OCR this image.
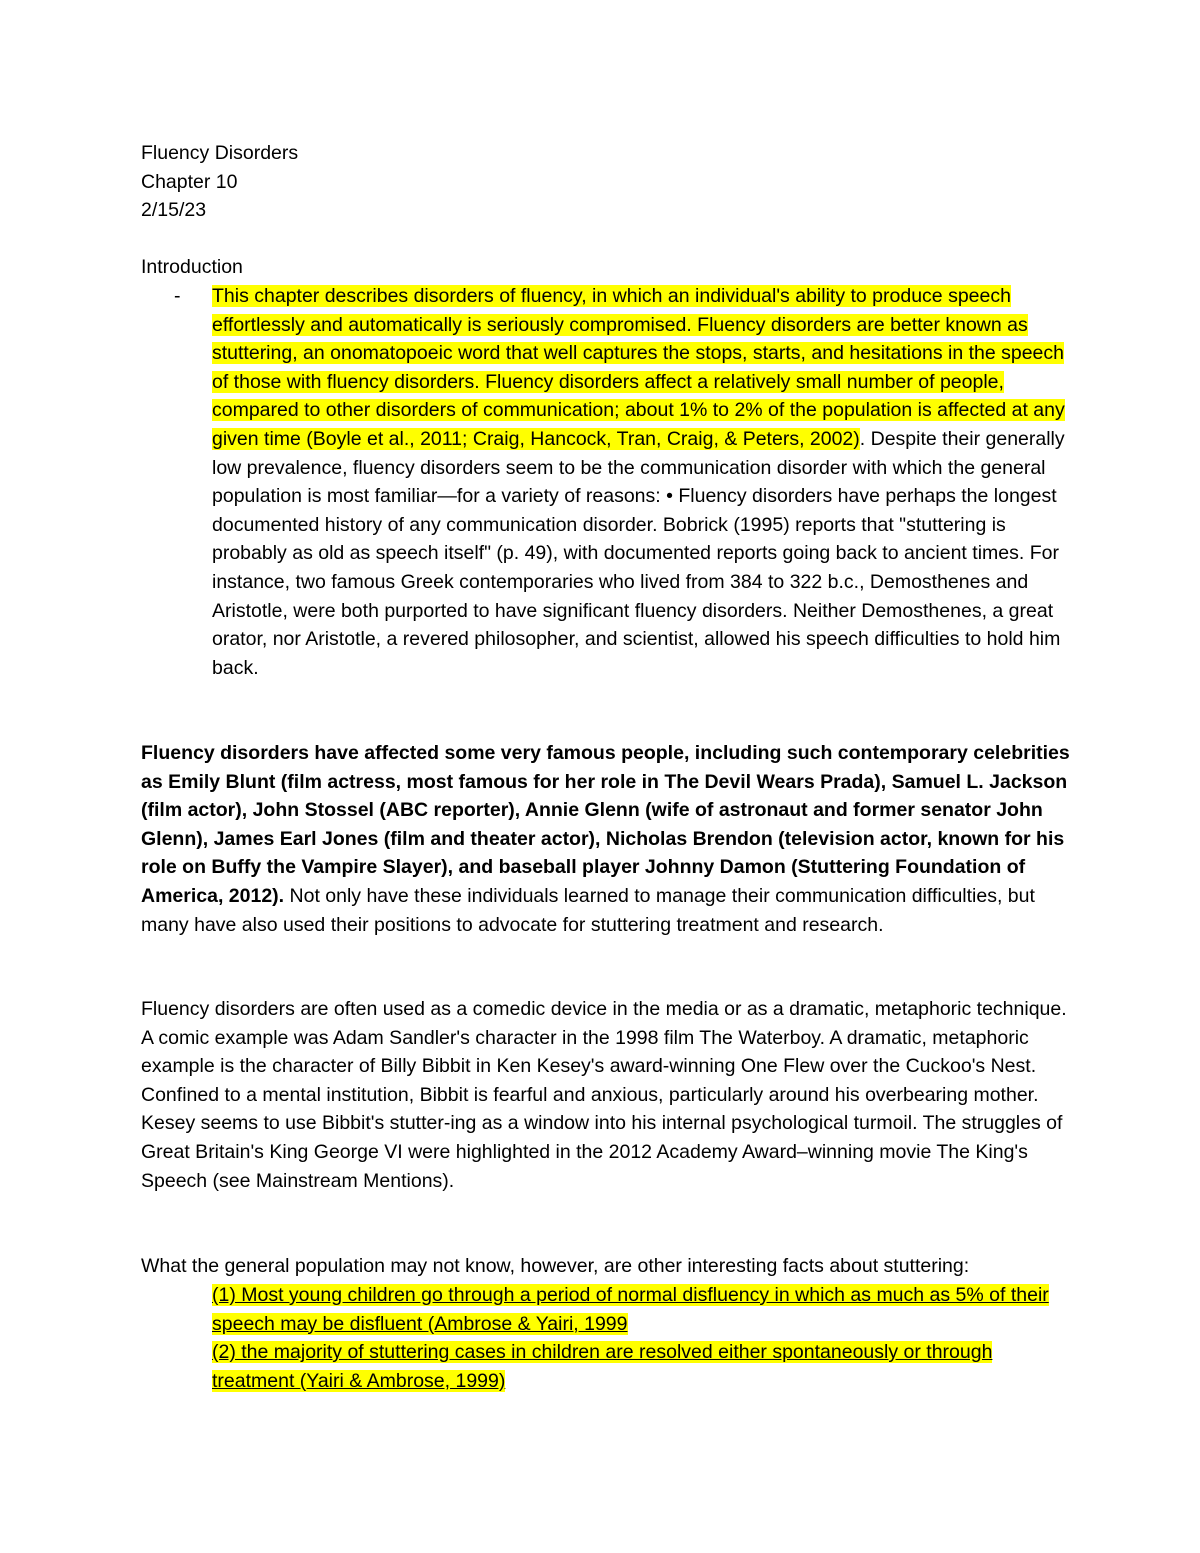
Fluency Disorders
Chapter 10
2/15/23

Introduction
- This chapter describes disorders of fluency, in which an individual's ability to produce speech effortlessly and automatically is seriously compromised. Fluency disorders are better known as stuttering, an onomatopoeic word that well captures the stops, starts, and hesitations in the speech of those with fluency disorders. Fluency disorders affect a relatively small number of people, compared to other disorders of communication; about 1% to 2% of the population is affected at any given time (Boyle et al., 2011; Craig, Hancock, Tran, Craig, & Peters, 2002). Despite their generally low prevalence, fluency disorders seem to be the communication disorder with which the general population is most familiar—for a variety of reasons: • Fluency disorders have perhaps the longest documented history of any communication disorder. Bobrick (1995) reports that "stuttering is probably as old as speech itself" (p. 49), with documented reports going back to ancient times. For instance, two famous Greek contemporaries who lived from 384 to 322 b.c., Demosthenes and Aristotle, were both purported to have significant fluency disorders. Neither Demosthenes, a great orator, nor Aristotle, a revered philosopher, and scientist, allowed his speech difficulties to hold him back.
Fluency disorders have affected some very famous people, including such contemporary celebrities as Emily Blunt (film actress, most famous for her role in The Devil Wears Prada), Samuel L. Jackson (film actor), John Stossel (ABC reporter), Annie Glenn (wife of astronaut and former senator John Glenn), James Earl Jones (film and theater actor), Nicholas Brendon (television actor, known for his role on Buffy the Vampire Slayer), and baseball player Johnny Damon (Stuttering Foundation of America, 2012). Not only have these individuals learned to manage their communication difficulties, but many have also used their positions to advocate for stuttering treatment and research.
Fluency disorders are often used as a comedic device in the media or as a dramatic, metaphoric technique. A comic example was Adam Sandler's character in the 1998 film The Waterboy. A dramatic, metaphoric example is the character of Billy Bibbit in Ken Kesey's award-winning One Flew over the Cuckoo's Nest. Confined to a mental institution, Bibbit is fearful and anxious, particularly around his overbearing mother. Kesey seems to use Bibbit's stutter-ing as a window into his internal psychological turmoil. The struggles of Great Britain's King George VI were highlighted in the 2012 Academy Award–winning movie The King's Speech (see Mainstream Mentions).
What the general population may not know, however, are other interesting facts about stuttering:
(1) Most young children go through a period of normal disfluency in which as much as 5% of their speech may be disfluent (Ambrose & Yairi, 1999
(2) the majority of stuttering cases in children are resolved either spontaneously or through treatment (Yairi & Ambrose, 1999)
